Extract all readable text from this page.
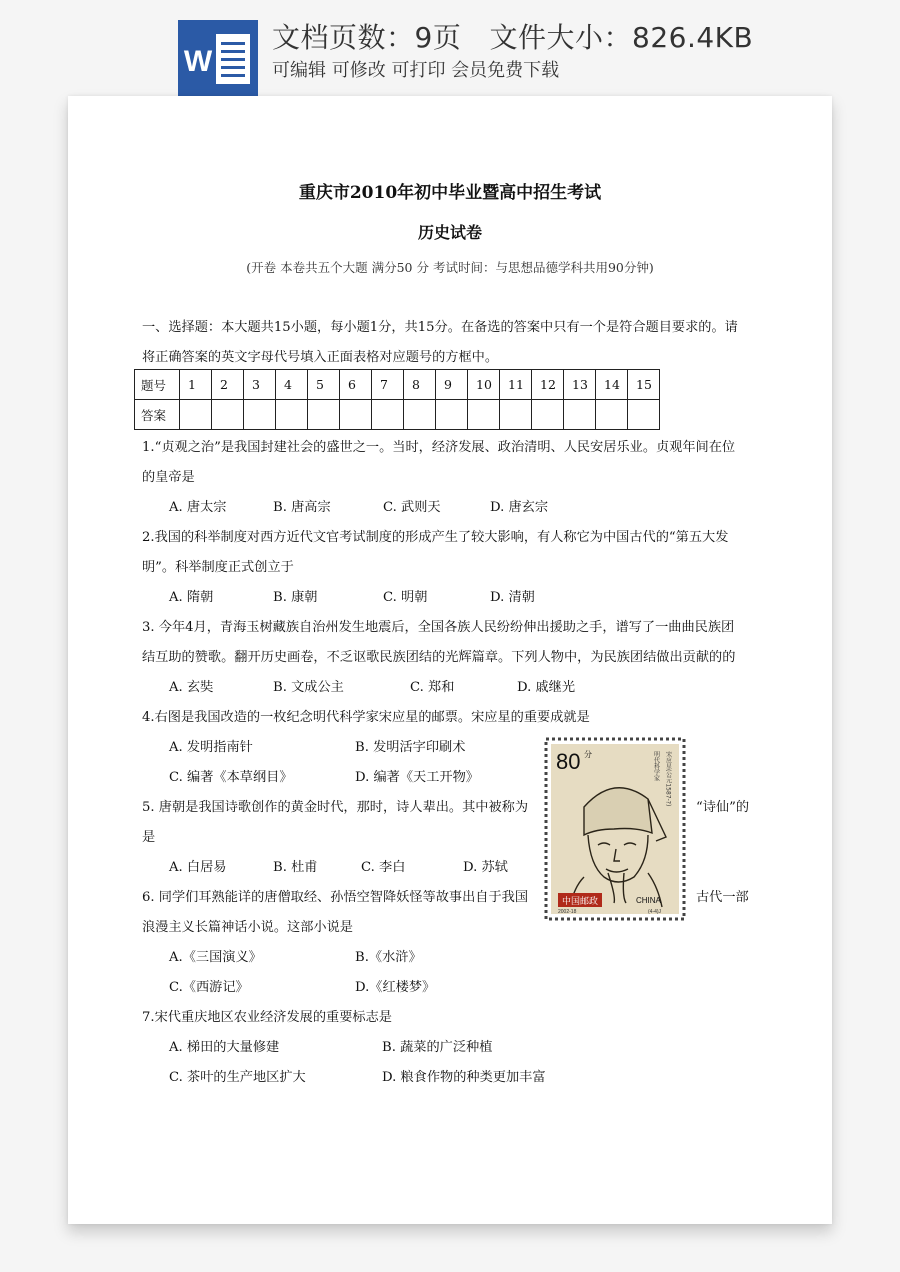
W
文档页数：9页   文件大小：826.4KB
可编辑 可修改 可打印 会员免费下载
重庆市2010年初中毕业暨高中招生考试
历史试卷
(开卷 本卷共五个大题 满分50 分 考试时间：与思想品德学科共用90分钟)
一、选择题：本大题共15小题，每小题1分，共15分。在备选的答案中只有一个是符合题目要求的。请
将正确答案的英文字母代号填入正面表格对应题号的方框中。
题号	1	2	3	4	5	6	7	8	9	10	11	12	13	14	15
答案															
1.“贞观之治”是我国封建社会的盛世之一。当时，经济发展、政治清明、人民安居乐业。贞观年间在位
的皇帝是
A. 唐太宗	B. 唐高宗	C. 武则天	D. 唐玄宗
2.我国的科举制度对西方近代文官考试制度的形成产生了较大影响，有人称它为中国古代的“第五大发
明”。科举制度正式创立于
A. 隋朝	B. 康朝	C. 明朝	D. 清朝
3. 今年4月，青海玉树藏族自治州发生地震后，全国各族人民纷纷伸出援助之手，谱写了一曲曲民族团
结互助的赞歌。翻开历史画卷，不乏讴歌民族团结的光辉篇章。下列人物中，为民族团结做出贡献的的
A. 玄奘	B. 文成公主	C. 郑和	D. 戚继光
4.右图是我国改造的一枚纪念明代科学家宋应星的邮票。宋应星的重要成就是
A. 发明指南针	B. 发明活字印刷术
C. 编著《本草纲目》	D. 编著《天工开物》
5. 唐朝是我国诗歌创作的黄金时代，那时，诗人辈出。其中被称为	“诗仙”的
是
A. 白居易	B. 杜甫	C. 李白	D. 苏轼
6. 同学们耳熟能详的唐僧取经、孙悟空智降妖怪等故事出自于我国	古代一部
浪漫主义长篇神话小说。这部小说是
A.《三国演义》	B.《水浒》
C.《西游记》	D.《红楼梦》
7.宋代重庆地区农业经济发展的重要标志是
A. 梯田的大量修建	B. 蔬菜的广泛种植
C. 茶叶的生产地区扩大	D. 粮食作物的种类更加丰富
80 分	宋应星(公元1587-?)
明代科学家
中国邮政	CHINA
2002-18	(4-4)J
